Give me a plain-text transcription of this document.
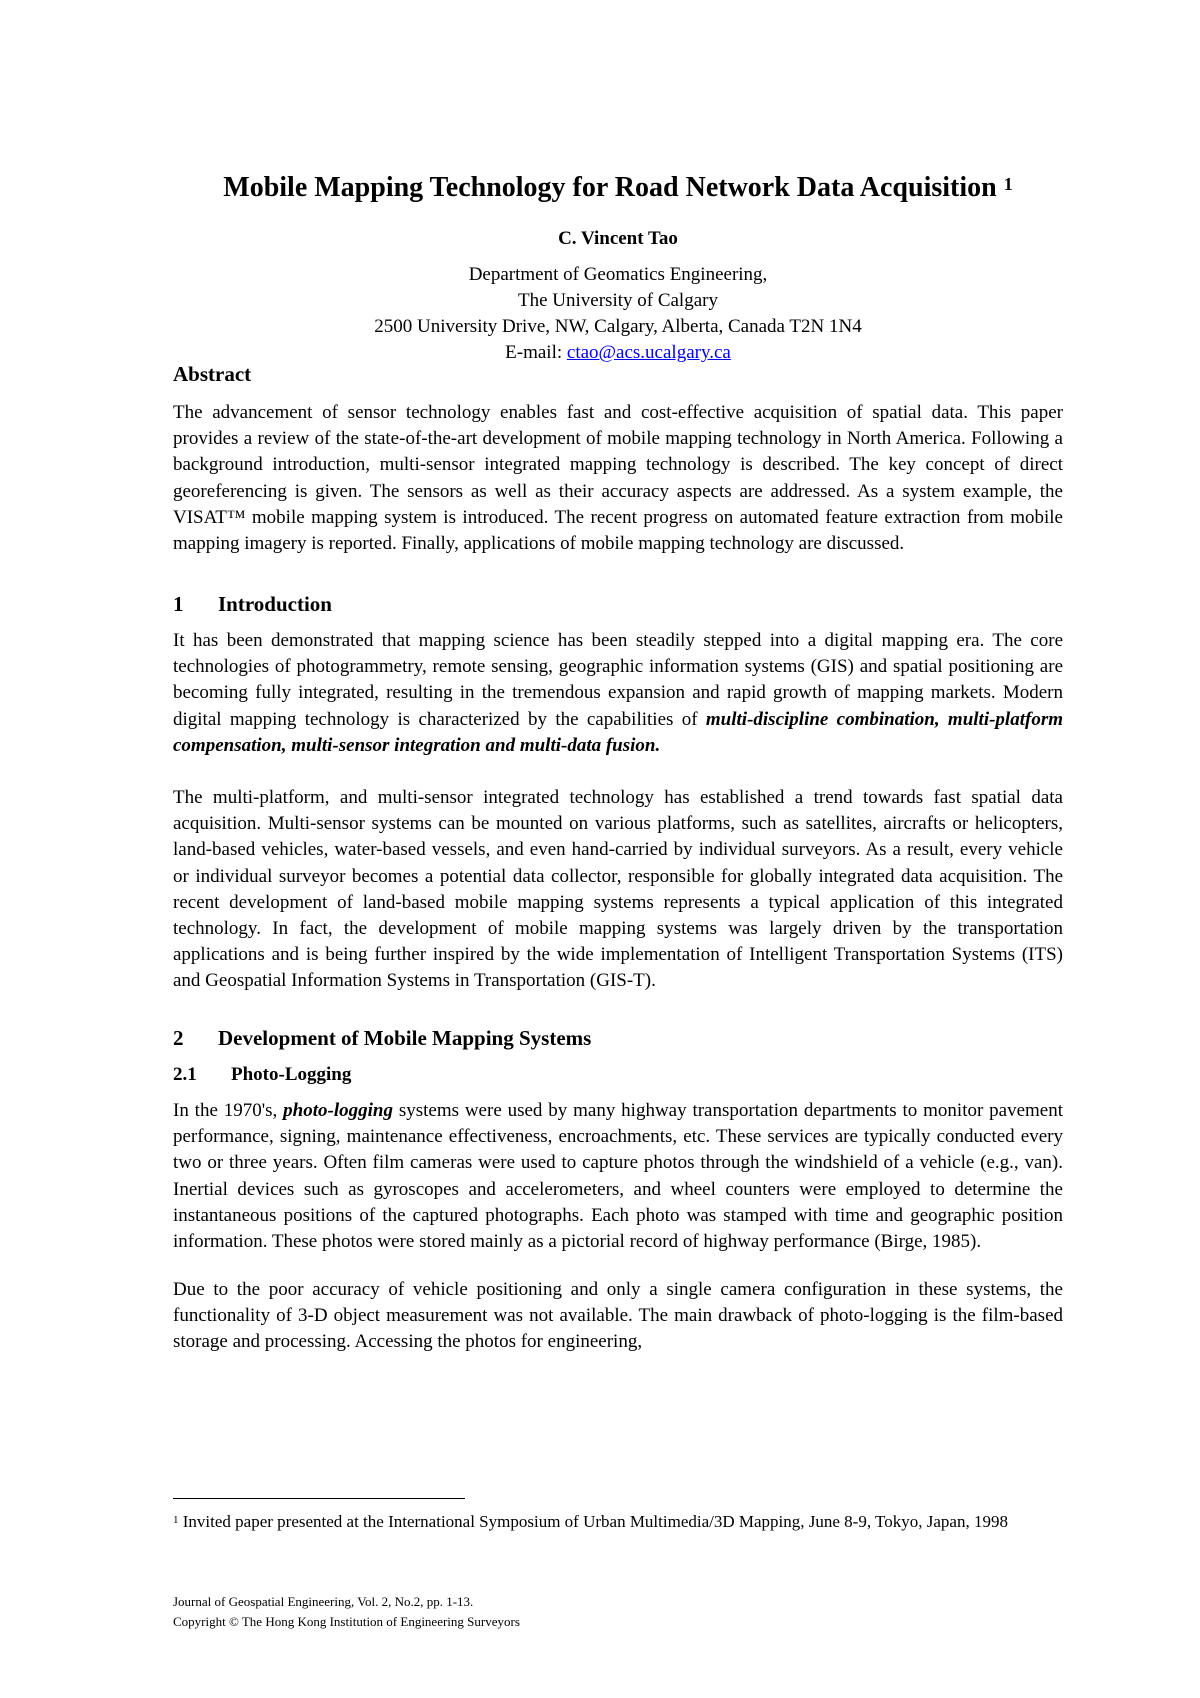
Mobile Mapping Technology for Road Network Data Acquisition $^1$
C. Vincent Tao
Department of Geomatics Engineering,
The University of Calgary
2500 University Drive, NW, Calgary, Alberta, Canada T2N 1N4
E-mail: ctao@acs.ucalgary.ca
Abstract

The advancement of sensor technology enables fast and cost-effective acquisition of spatial data. This paper provides a review of the state-of-the-art development of mobile mapping technology in North America. Following a background introduction, multi-sensor integrated mapping technology is described. The key concept of direct georeferencing is given. The sensors as well as their accuracy aspects are addressed. As a system example, the VISAT™ mobile mapping system is introduced. The recent progress on automated feature extraction from mobile mapping imagery is reported. Finally, applications of mobile mapping technology are discussed.

1 Introduction

It has been demonstrated that mapping science has been steadily stepped into a digital mapping era. The core technologies of photogrammetry, remote sensing, geographic information systems (GIS) and spatial positioning are becoming fully integrated, resulting in the tremendous expansion and rapid growth of mapping markets. Modern digital mapping technology is characterized by the capabilities of multi-discipline combination, multi-platform compensation, multi-sensor integration and multi-data fusion.

The multi-platform, and multi-sensor integrated technology has established a trend towards fast spatial data acquisition. Multi-sensor systems can be mounted on various platforms, such as satellites, aircrafts or helicopters, land-based vehicles, water-based vessels, and even hand-carried by individual surveyors. As a result, every vehicle or individual surveyor becomes a potential data collector, responsible for globally integrated data acquisition. The recent development of land-based mobile mapping systems represents a typical application of this integrated technology. In fact, the development of mobile mapping systems was largely driven by the transportation applications and is being further inspired by the wide implementation of Intelligent Transportation Systems (ITS) and Geospatial Information Systems in Transportation (GIS-T).

2 Development of Mobile Mapping Systems
2.1 Photo-Logging

In the 1970's, photo-logging systems were used by many highway transportation departments to monitor pavement performance, signing, maintenance effectiveness, encroachments, etc. These services are typically conducted every two or three years. Often film cameras were used to capture photos through the windshield of a vehicle (e.g., van). Inertial devices such as gyroscopes and accelerometers, and wheel counters were employed to determine the instantaneous positions of the captured photographs. Each photo was stamped with time and geographic position information. These photos were stored mainly as a pictorial record of highway performance (Birge, 1985).

Due to the poor accuracy of vehicle positioning and only a single camera configuration in these systems, the functionality of 3-D object measurement was not available. The main drawback of photo-logging is the film-based storage and processing. Accessing the photos for engineering,

$^1$ Invited paper presented at the International Symposium of Urban Multimedia/3D Mapping, June 8-9, Tokyo, Japan, 1998
Journal of Geospatial Engineering, Vol. 2, No.2, pp. 1-13.
Copyright © The Hong Kong Institution of Engineering Surveyors
